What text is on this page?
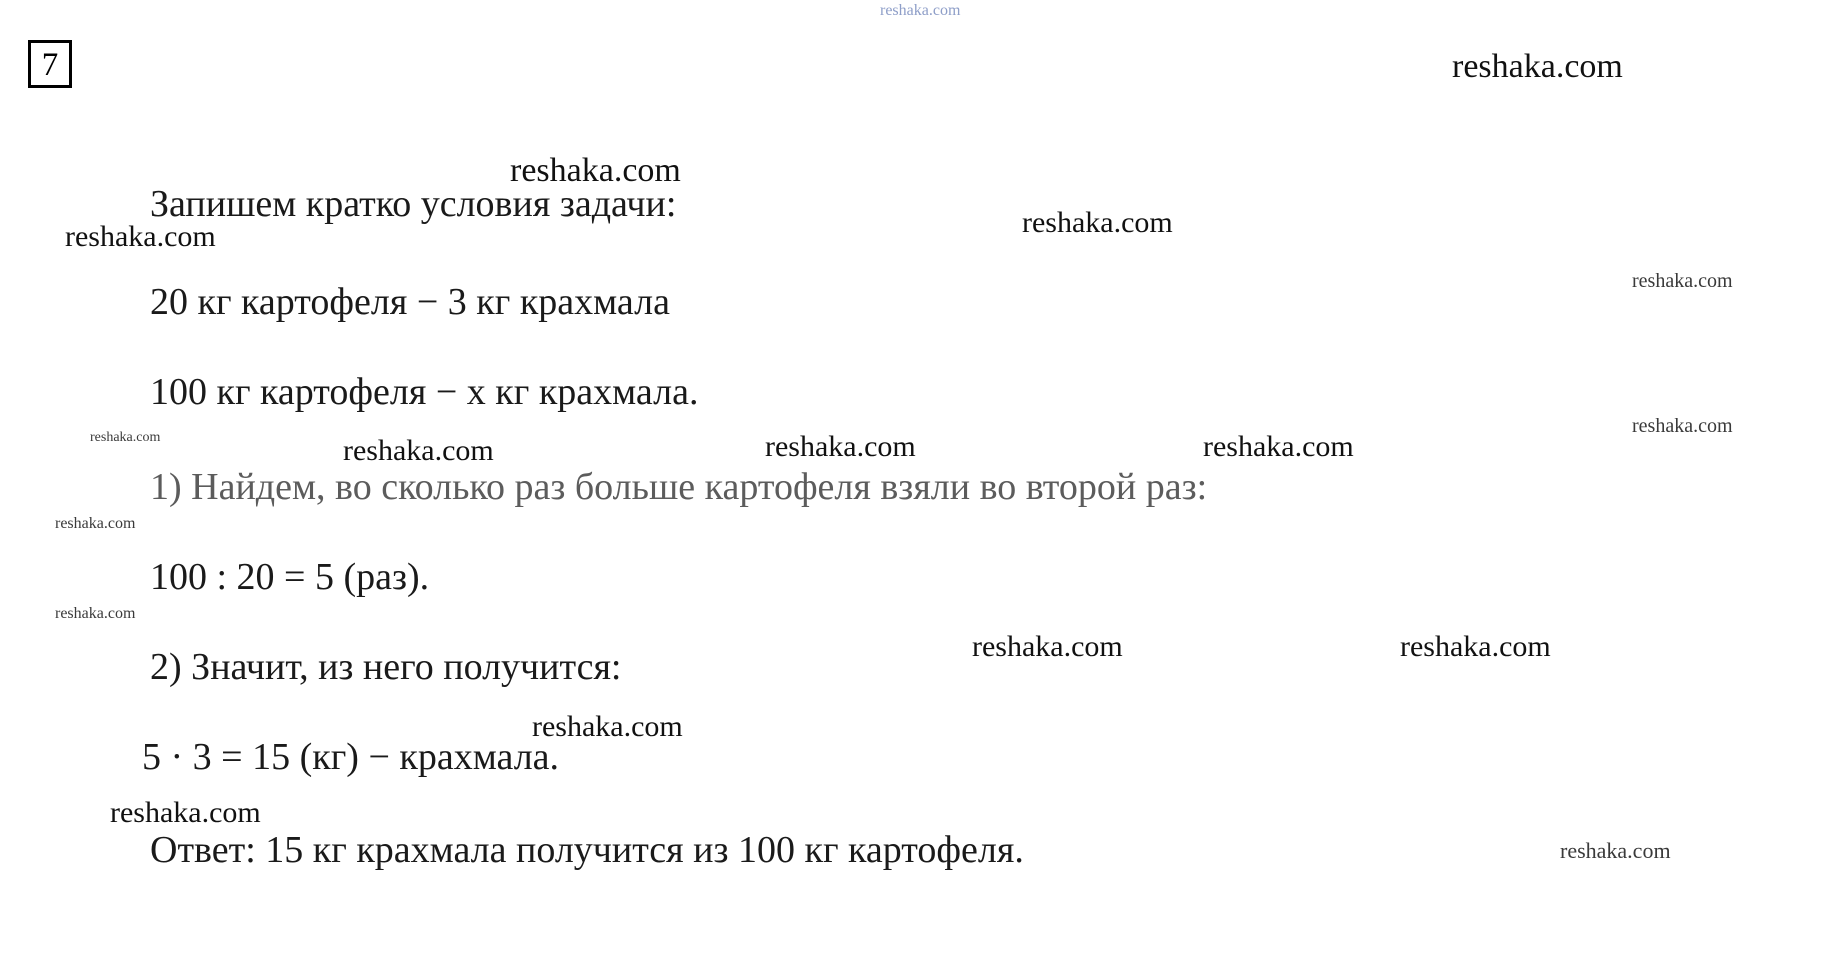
7
Запишем кратко условия задачи:
20 кг картофеля − 3 кг крахмала
100 кг картофеля − x кг крахмала.
1) Найдем, во сколько раз больше картофеля взяли во второй раз:
100 : 20 = 5 (раз).
2) Значит, из него получится:
5 · 3 = 15 (кг) − крахмала.
Ответ: 15 кг крахмала получится из 100 кг картофеля.
reshaka.com
reshaka.com
reshaka.com
reshaka.com	reshaka.com
reshaka.com
reshaka.com	reshaka.com	reshaka.com	reshaka.com
reshaka.com
reshaka.com
reshaka.com
reshaka.com	reshaka.com
reshaka.com
reshaka.com
reshaka.com
